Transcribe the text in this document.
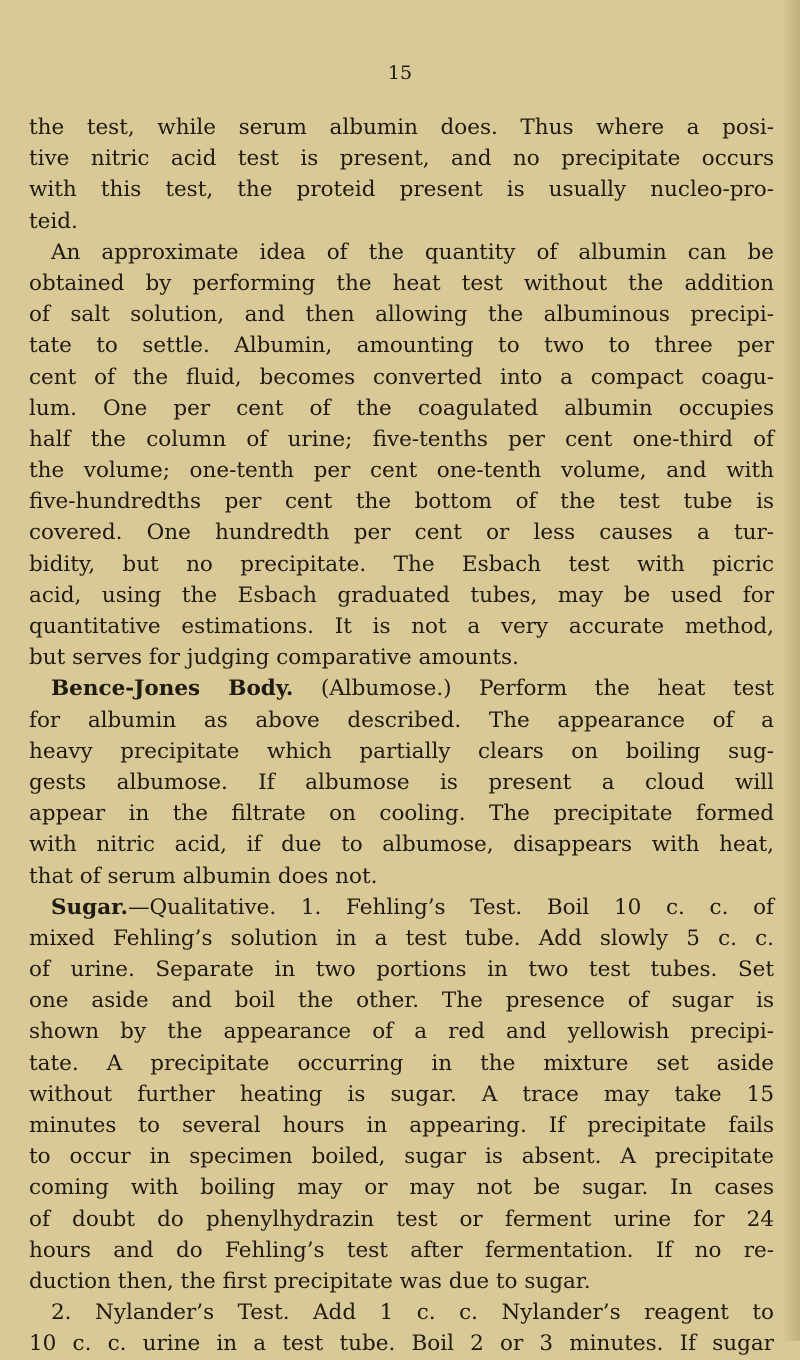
15
the test, while serum albumin does. Thus where a posi-
tive nitric acid test is present, and no precipitate occurs
with this test, the proteid present is usually nucleo-pro-
teid.
An approximate idea of the quantity of albumin can be
obtained by performing the heat test without the addition
of salt solution, and then allowing the albuminous precipi-
tate to settle. Albumin, amounting to two to three per
cent of the fluid, becomes converted into a compact coagu-
lum. One per cent of the coagulated albumin occupies
half the column of urine; five-tenths per cent one-third of
the volume; one-tenth per cent one-tenth volume, and with
five-hundredths per cent the bottom of the test tube is
covered. One hundredth per cent or less causes a tur-
bidity, but no precipitate. The Esbach test with picric
acid, using the Esbach graduated tubes, may be used for
quantitative estimations. It is not a very accurate method,
but serves for judging comparative amounts.
Bence-Jones Body. (Albumose.) Perform the heat test
for albumin as above described. The appearance of a
heavy precipitate which partially clears on boiling sug-
gests albumose. If albumose is present a cloud will
appear in the filtrate on cooling. The precipitate formed
with nitric acid, if due to albumose, disappears with heat,
that of serum albumin does not.
Sugar.—Qualitative. 1. Fehling’s Test. Boil 10 c. c. of
mixed Fehling’s solution in a test tube. Add slowly 5 c. c.
of urine. Separate in two portions in two test tubes. Set
one aside and boil the other. The presence of sugar is
shown by the appearance of a red and yellowish precipi-
tate. A precipitate occurring in the mixture set aside
without further heating is sugar. A trace may take 15
minutes to several hours in appearing. If precipitate fails
to occur in specimen boiled, sugar is absent. A precipitate
coming with boiling may or may not be sugar. In cases
of doubt do phenylhydrazin test or ferment urine for 24
hours and do Fehling’s test after fermentation. If no re-
duction then, the first precipitate was due to sugar.
2. Nylander’s Test. Add 1 c. c. Nylander’s reagent to
10 c. c. urine in a test tube. Boil 2 or 3 minutes. If sugar
